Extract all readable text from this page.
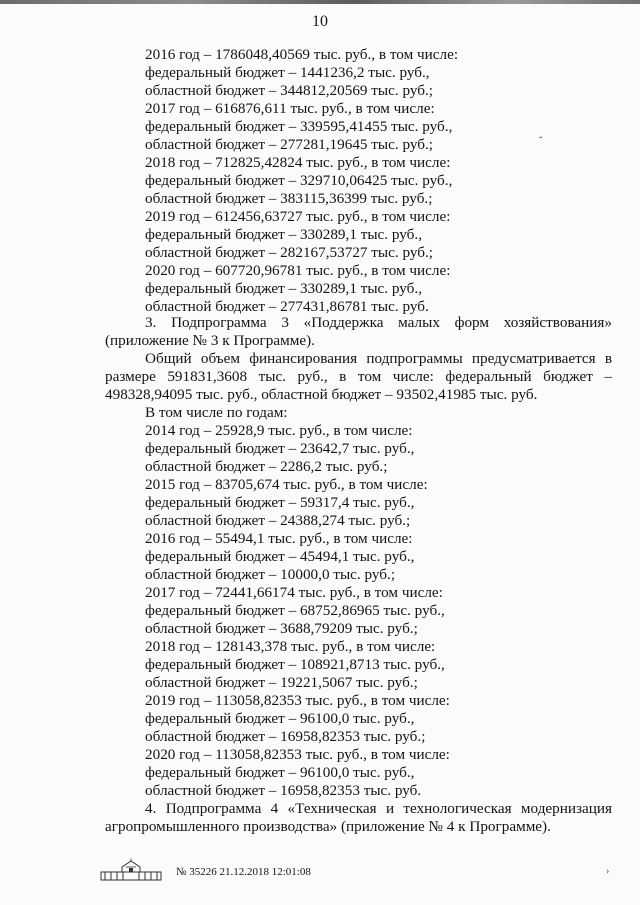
10
2016 год – 1786048,40569 тыс. руб., в том числе:
федеральный бюджет – 1441236,2 тыс. руб.,
областной бюджет – 344812,20569 тыс. руб.;
2017 год – 616876,611 тыс. руб., в том числе:
федеральный бюджет – 339595,41455 тыс. руб.,
областной бюджет – 277281,19645 тыс. руб.;
2018 год – 712825,42824 тыс. руб., в том числе:
федеральный бюджет – 329710,06425 тыс. руб.,
областной бюджет – 383115,36399 тыс. руб.;
2019 год – 612456,63727 тыс. руб., в том числе:
федеральный бюджет – 330289,1 тыс. руб.,
областной бюджет – 282167,53727 тыс. руб.;
2020 год – 607720,96781 тыс. руб., в том числе:
федеральный бюджет – 330289,1 тыс. руб.,
областной бюджет – 277431,86781 тыс. руб.
3. Подпрограмма 3 «Поддержка малых форм хозяйствования»
(приложение № 3 к Программе).
Общий объем финансирования подпрограммы предусматривается в
размере 591831,3608 тыс. руб., в том числе: федеральный бюджет –
498328,94095 тыс. руб., областной бюджет – 93502,41985 тыс. руб.
В том числе по годам:
2014 год – 25928,9 тыс. руб., в том числе:
федеральный бюджет – 23642,7 тыс. руб.,
областной бюджет – 2286,2 тыс. руб.;
2015 год – 83705,674 тыс. руб., в том числе:
федеральный бюджет – 59317,4 тыс. руб.,
областной бюджет – 24388,274 тыс. руб.;
2016 год – 55494,1 тыс. руб., в том числе:
федеральный бюджет – 45494,1 тыс. руб.,
областной бюджет – 10000,0 тыс. руб.;
2017 год – 72441,66174 тыс. руб., в том числе:
федеральный бюджет – 68752,86965 тыс. руб.,
областной бюджет – 3688,79209 тыс. руб.;
2018 год – 128143,378 тыс. руб., в том числе:
федеральный бюджет – 108921,8713 тыс. руб.,
областной бюджет – 19221,5067 тыс. руб.;
2019 год – 113058,82353 тыс. руб., в том числе:
федеральный бюджет – 96100,0 тыс. руб.,
областной бюджет – 16958,82353 тыс. руб.;
2020 год – 113058,82353 тыс. руб., в том числе:
федеральный бюджет – 96100,0 тыс. руб.,
областной бюджет – 16958,82353 тыс. руб.
4. Подпрограмма 4 «Техническая и технологическая модернизация
агропромышленного производства» (приложение № 4 к Программе).
ˇ
№ 35226 21.12.2018 12:01:08	›
